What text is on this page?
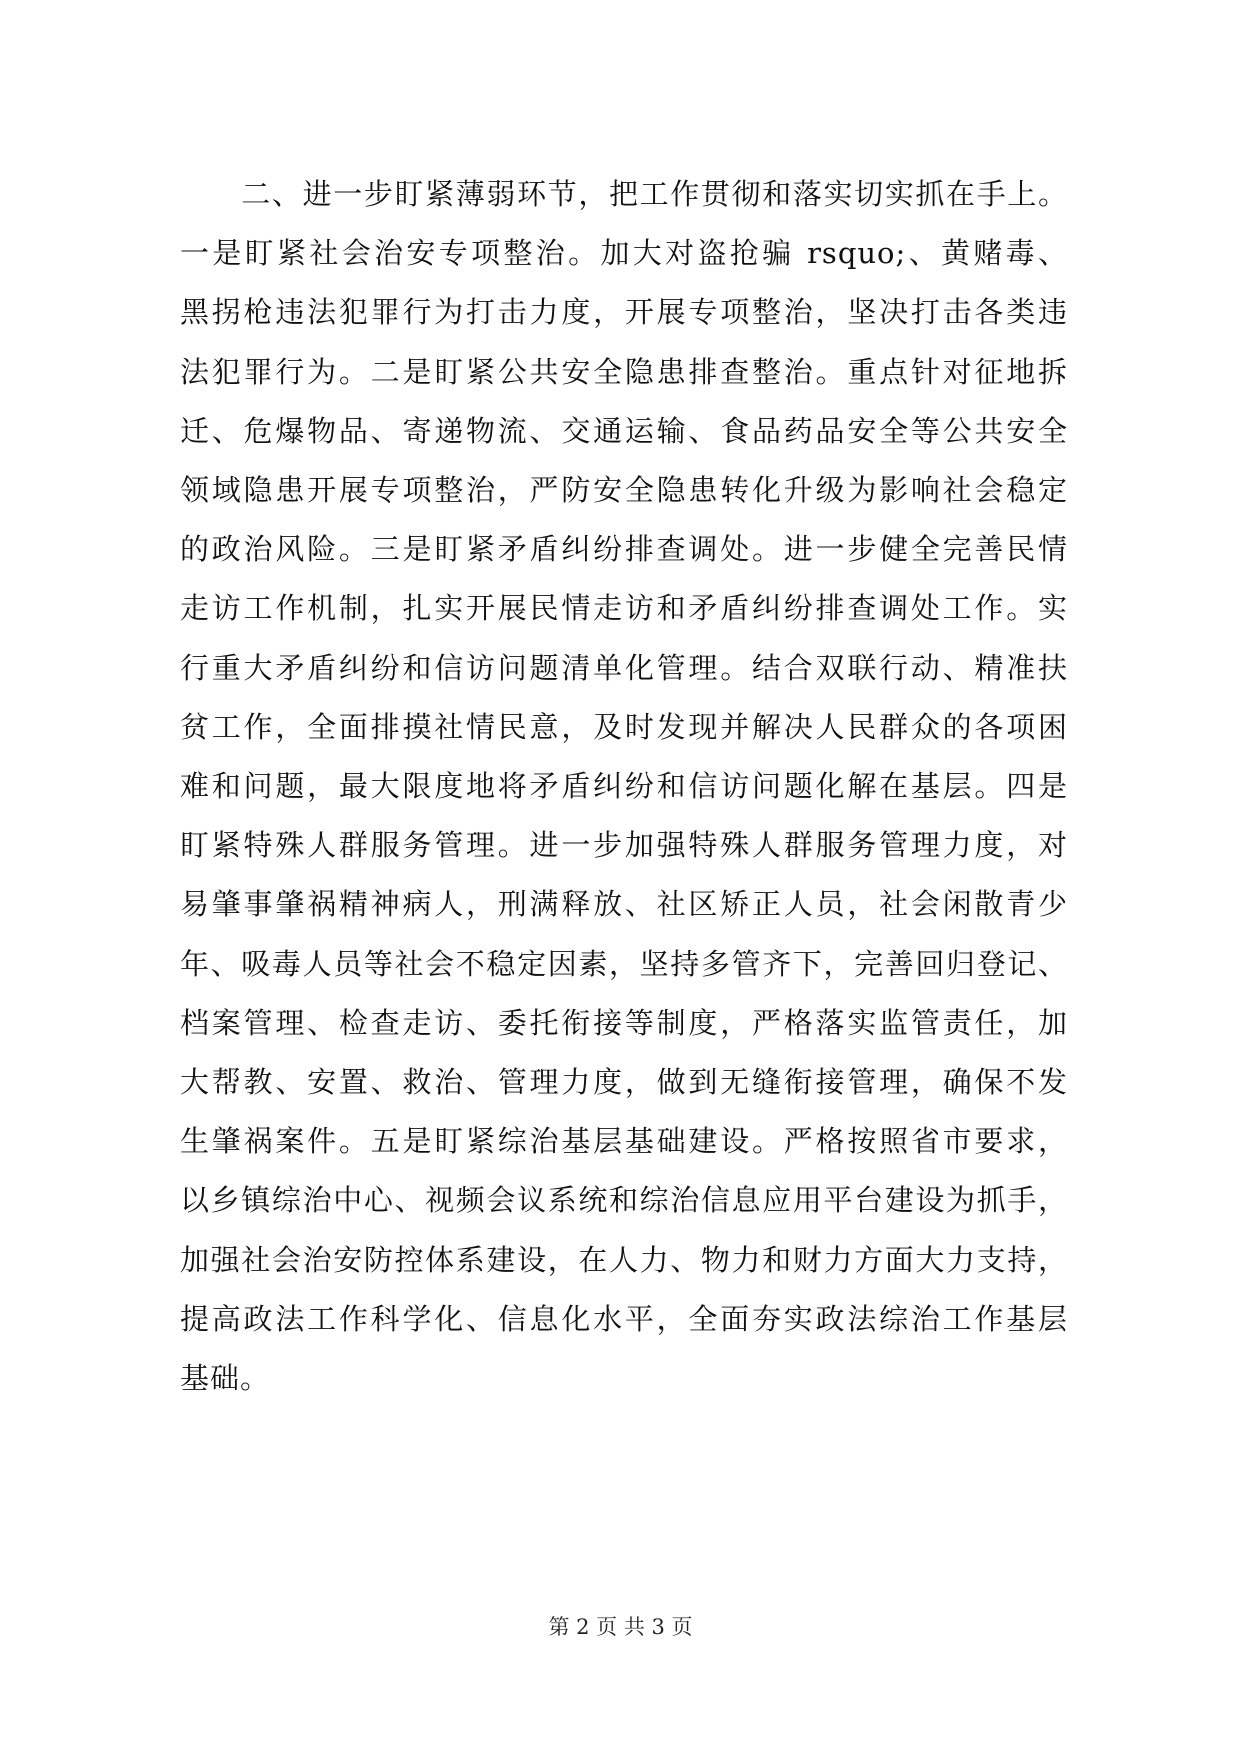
　　二、进一步盯紧薄弱环节，把工作贯彻和落实切实抓在手上。
一是盯紧社会治安专项整治。加大对盗抢骗 rsquo;、黄赌毒、
黑拐枪违法犯罪行为打击力度，开展专项整治，坚决打击各类违
法犯罪行为。二是盯紧公共安全隐患排查整治。重点针对征地拆
迁、危爆物品、寄递物流、交通运输、食品药品安全等公共安全
领域隐患开展专项整治，严防安全隐患转化升级为影响社会稳定
的政治风险。三是盯紧矛盾纠纷排查调处。进一步健全完善民情
走访工作机制，扎实开展民情走访和矛盾纠纷排查调处工作。实
行重大矛盾纠纷和信访问题清单化管理。结合双联行动、精准扶
贫工作，全面排摸社情民意，及时发现并解决人民群众的各项困
难和问题，最大限度地将矛盾纠纷和信访问题化解在基层。四是
盯紧特殊人群服务管理。进一步加强特殊人群服务管理力度，对
易肇事肇祸精神病人，刑满释放、社区矫正人员，社会闲散青少
年、吸毒人员等社会不稳定因素，坚持多管齐下，完善回归登记、
档案管理、检查走访、委托衔接等制度，严格落实监管责任，加
大帮教、安置、救治、管理力度，做到无缝衔接管理，确保不发
生肇祸案件。五是盯紧综治基层基础建设。严格按照省市要求，
以乡镇综治中心、视频会议系统和综治信息应用平台建设为抓手，
加强社会治安防控体系建设，在人力、物力和财力方面大力支持，
提高政法工作科学化、信息化水平，全面夯实政法综治工作基层
基础。
第 2 页 共 3 页
